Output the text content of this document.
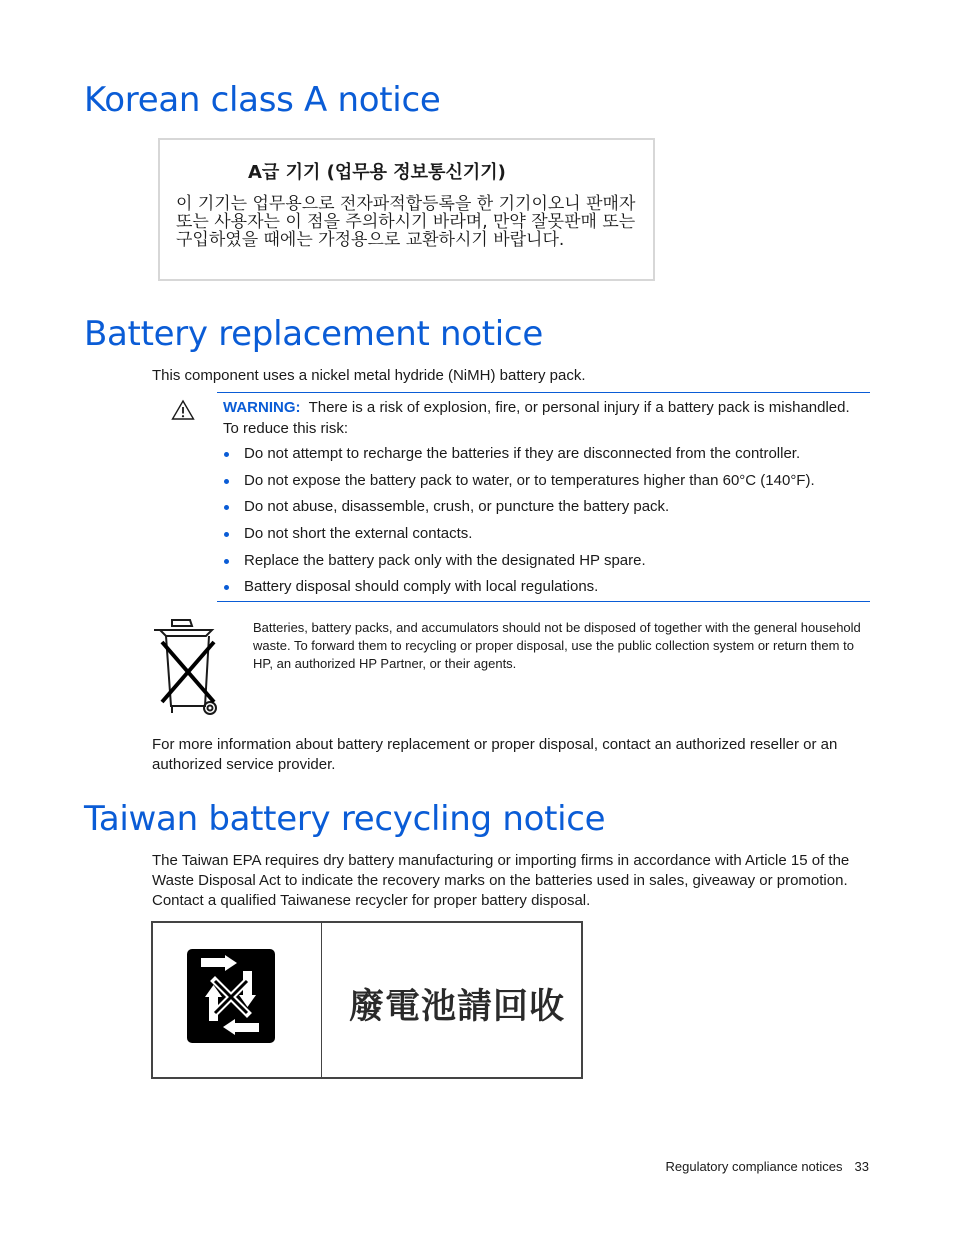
Korean class A notice
A급 기기 (업무용 정보통신기기)
이 기기는 업무용으로 전자파적합등록을 한 기기이오니 판매자 또는 사용자는 이 점을 주의하시기 바라며, 만약 잘못판매 또는 구입하였을 때에는 가정용으로 교환하시기 바랍니다.
Battery replacement notice
This component uses a nickel metal hydride (NiMH) battery pack.
WARNING: There is a risk of explosion, fire, or personal injury if a battery pack is mishandled. To reduce this risk:
Do not attempt to recharge the batteries if they are disconnected from the controller.
Do not expose the battery pack to water, or to temperatures higher than 60°C (140°F).
Do not abuse, disassemble, crush, or puncture the battery pack.
Do not short the external contacts.
Replace the battery pack only with the designated HP spare.
Battery disposal should comply with local regulations.
Batteries, battery packs, and accumulators should not be disposed of together with the general household waste. To forward them to recycling or proper disposal, use the public collection system or return them to HP, an authorized HP Partner, or their agents.
For more information about battery replacement or proper disposal, contact an authorized reseller or an authorized service provider.
Taiwan battery recycling notice
The Taiwan EPA requires dry battery manufacturing or importing firms in accordance with Article 15 of the Waste Disposal Act to indicate the recovery marks on the batteries used in sales, giveaway or promotion. Contact a qualified Taiwanese recycler for proper battery disposal.
廢電池請回收
Regulatory compliance notices 33
